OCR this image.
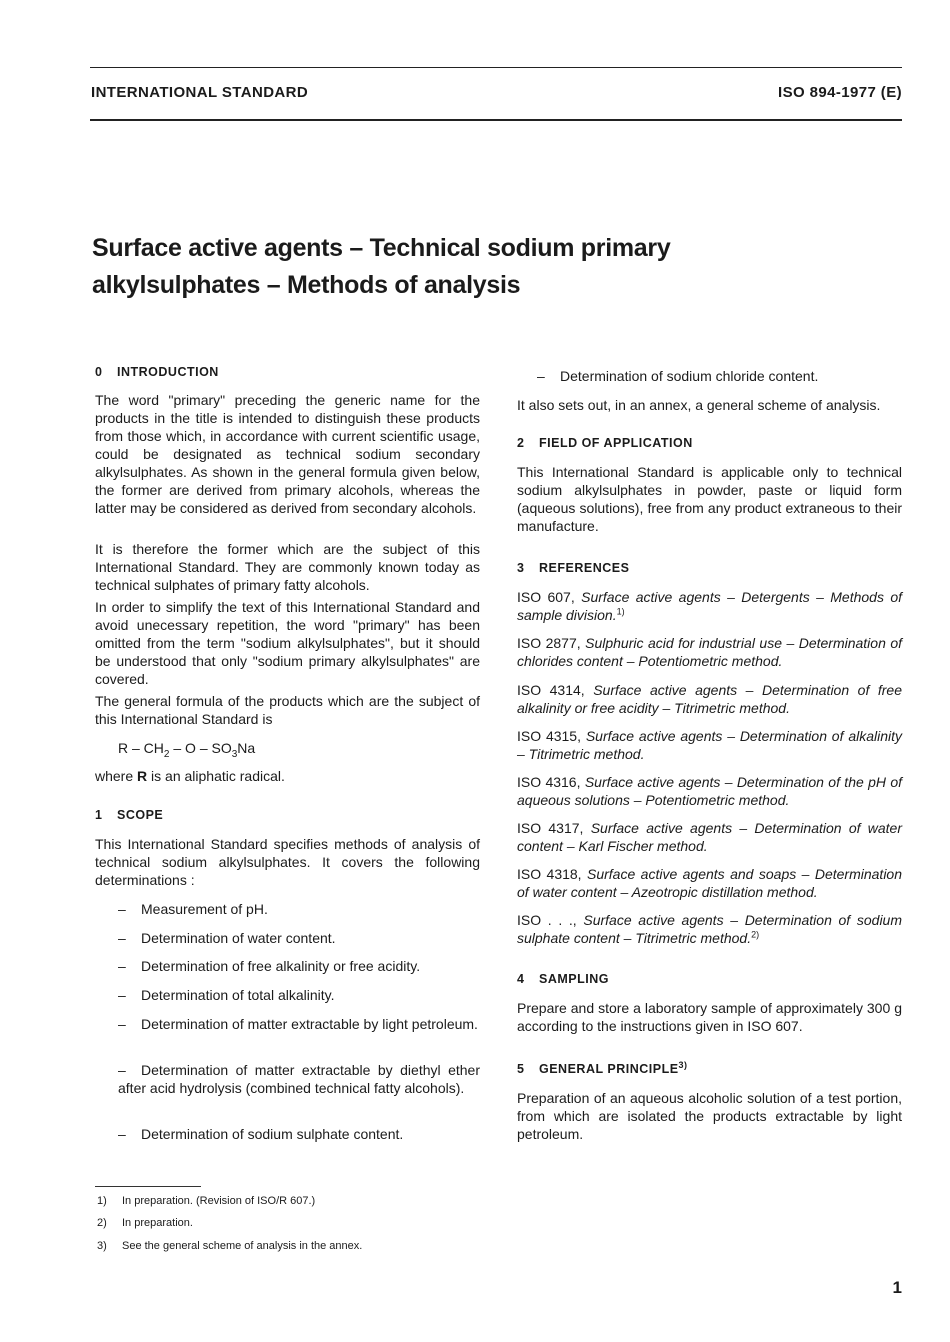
INTERNATIONAL STANDARD	ISO 894-1977 (E)
Surface active agents – Technical sodium primary
alkylsulphates – Methods of analysis
0 INTRODUCTION

The word "primary" preceding the generic name for the products in the title is intended to distinguish these products from those which, in accordance with current scientific usage, could be designated as technical sodium secondary alkylsulphates. As shown in the general formula given below, the former are derived from primary alcohols, whereas the latter may be considered as derived from secondary alcohols.

It is therefore the former which are the subject of this International Standard. They are commonly known today as technical sulphates of primary fatty alcohols.

In order to simplify the text of this International Standard and avoid unecessary repetition, the word "primary" has been omitted from the term "sodium alkylsulphates", but it should be understood that only "sodium primary alkylsulphates" are covered.

The general formula of the products which are the subject of this International Standard is

R – $CH_2$ – O – $SO_3Na$

where R is an aliphatic radical.

1 SCOPE

This International Standard specifies methods of analysis of technical sodium alkylsulphates. It covers the following determinations :

– Measurement of pH.

– Determination of water content.

– Determination of free alkalinity or free acidity.

– Determination of total alkalinity.

– Determination of matter extractable by light petroleum.

– Determination of matter extractable by diethyl ether after acid hydrolysis (combined technical fatty alcohols).

– Determination of sodium sulphate content.

– Determination of sodium chloride content.

It also sets out, in an annex, a general scheme of analysis.

2 FIELD OF APPLICATION

This International Standard is applicable only to technical sodium alkylsulphates in powder, paste or liquid form (aqueous solutions), free from any product extraneous to their manufacture.

3 REFERENCES

ISO 607, Surface active agents – Detergents – Methods of sample division.$^{1)}$

ISO 2877, Sulphuric acid for industrial use – Determination of chlorides content – Potentiometric method.

ISO 4314, Surface active agents – Determination of free alkalinity or free acidity – Titrimetric method.

ISO 4315, Surface active agents – Determination of alkalinity – Titrimetric method.

ISO 4316, Surface active agents – Determination of the pH of aqueous solutions – Potentiometric method.

ISO 4317, Surface active agents – Determination of water content – Karl Fischer method.

ISO 4318, Surface active agents and soaps – Determination of water content – Azeotropic distillation method.

ISO . . ., Surface active agents – Determination of sodium sulphate content – Titrimetric method.$^{2)}$

4 SAMPLING

Prepare and store a laboratory sample of approximately 300 g according to the instructions given in ISO 607.

5 GENERAL PRINCIPLE$^{3)}$

Preparation of an aqueous alcoholic solution of a test portion, from which are isolated the products extractable by light petroleum.

1) In preparation. (Revision of ISO/R 607.)
2) In preparation.
3) See the general scheme of analysis in the annex.
1
